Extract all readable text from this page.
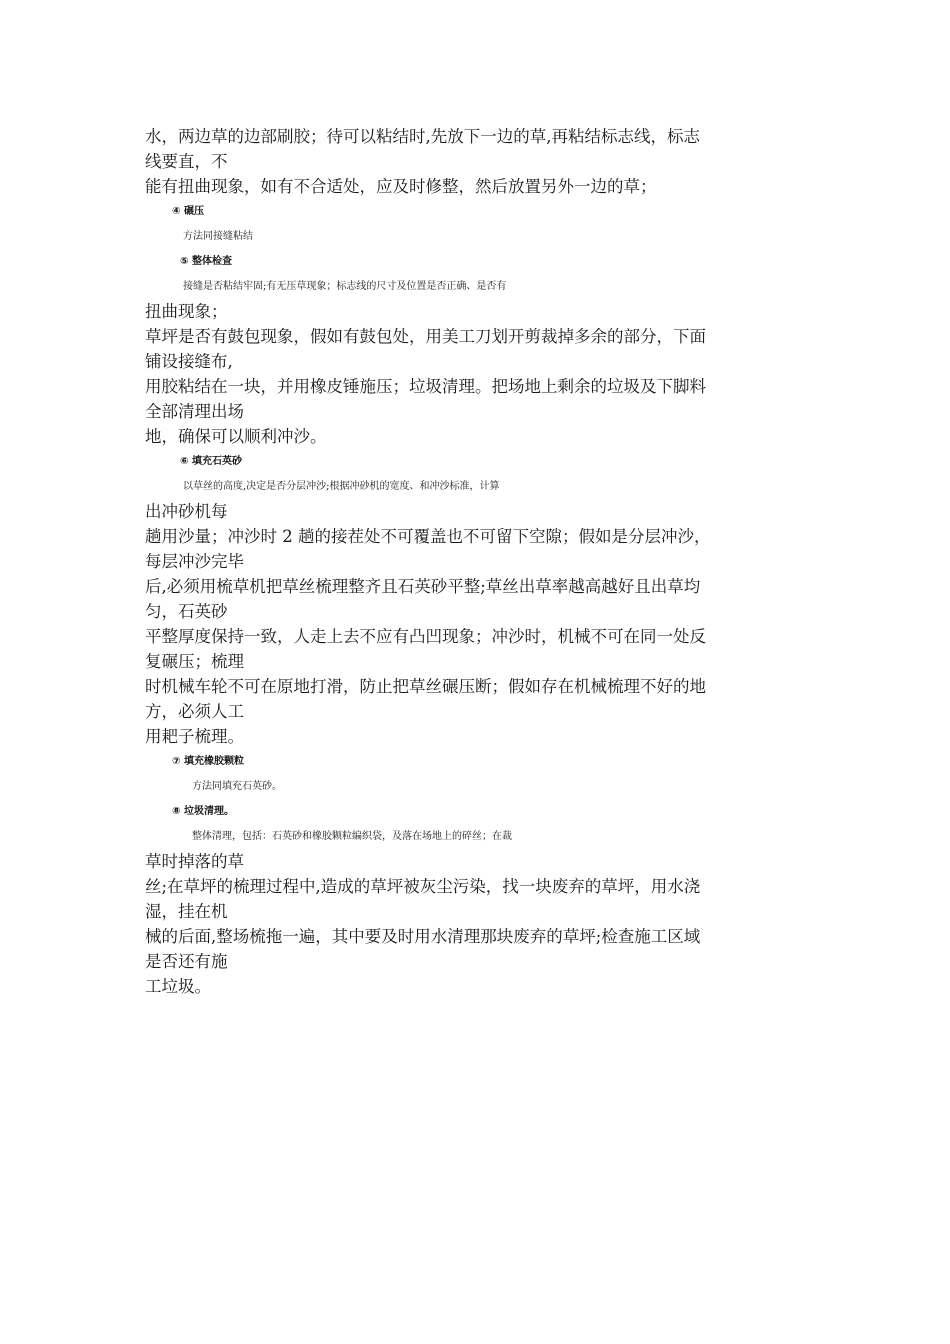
水，两边草的边部刷胶；待可以粘结时,先放下一边的草,再粘结标志线，标志
线要直，不
能有扭曲现象，如有不合适处，应及时修整，然后放置另外一边的草；
④ 碾压
方法同接缝粘结
⑤ 整体检查
接缝是否粘结牢固;有无压草现象；标志线的尺寸及位置是否正确、是否有
扭曲现象；
草坪是否有鼓包现象，假如有鼓包处，用美工刀划开剪裁掉多余的部分，下面
铺设接缝布,
用胶粘结在一块，并用橡皮锤施压；垃圾清理。把场地上剩余的垃圾及下脚料
全部清理出场
地，确保可以顺利冲沙。
⑥ 填充石英砂
以草丝的高度,决定是否分层冲沙;根据冲砂机的宽度、和冲沙标准，计算
出冲砂机每
趟用沙量；冲沙时 2 趟的接茬处不可覆盖也不可留下空隙；假如是分层冲沙，
每层冲沙完毕
后,必须用梳草机把草丝梳理整齐且石英砂平整;草丝出草率越高越好且出草均
匀，石英砂
平整厚度保持一致，人走上去不应有凸凹现象；冲沙时，机械不可在同一处反
复碾压；梳理
时机械车轮不可在原地打滑，防止把草丝碾压断；假如存在机械梳理不好的地
方，必须人工
用耙子梳理。
⑦ 填充橡胶颗粒
方法同填充石英砂。
⑧ 垃圾清理。
整体清理，包括：石英砂和橡胶颗粒编织袋，及落在场地上的碎丝；在裁
草时掉落的草
丝;在草坪的梳理过程中,造成的草坪被灰尘污染，找一块废弃的草坪，用水浇
湿，挂在机
械的后面,整场梳拖一遍，其中要及时用水清理那块废弃的草坪;检查施工区域
是否还有施
工垃圾。
